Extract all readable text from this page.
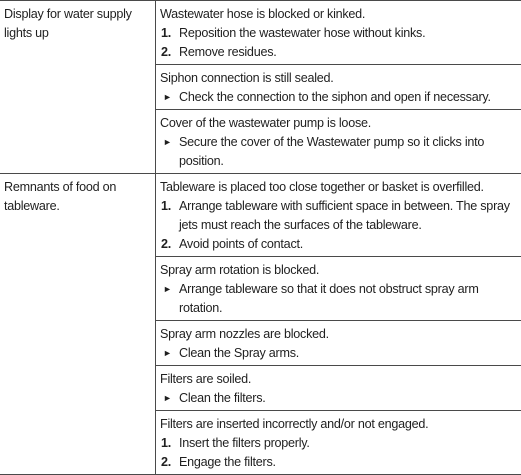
Display for water supply lights up
Wastewater hose is blocked or kinked.
1. Reposition the wastewater hose without kinks.
2. Remove residues.
Siphon connection is still sealed.
► Check the connection to the siphon and open if necessary.
Cover of the wastewater pump is loose.
► Secure the cover of the Wastewater pump so it clicks into position.
Remnants of food on tableware.
Tableware is placed too close together or basket is overfilled.
1. Arrange tableware with sufficient space in between. The spray jets must reach the surfaces of the tableware.
2. Avoid points of contact.
Spray arm rotation is blocked.
► Arrange tableware so that it does not obstruct spray arm rotation.
Spray arm nozzles are blocked.
► Clean the Spray arms.
Filters are soiled.
► Clean the filters.
Filters are inserted incorrectly and/or not engaged.
1. Insert the filters properly.
2. Engage the filters.
